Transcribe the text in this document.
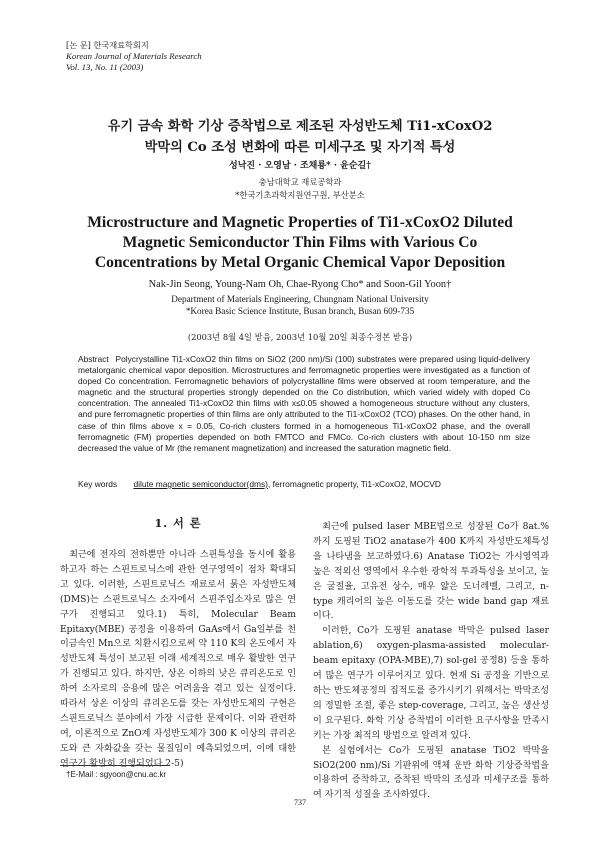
[논 문] 한국재료학회지
Korean Journal of Materials Research
Vol. 13, No. 11 (2003)
유기 금속 화학 기상 증착법으로 제조된 자성반도체 Ti1-xCoxO2
박막의 Co 조성 변화에 따른 미세구조 및 자기적 특성
성낙진 · 오영남 · 조채룡* · 윤순길†
충남대학교 재료공학과
*한국기초과학지원연구원, 부산분소
Microstructure and Magnetic Properties of Ti1-xCoxO2 Diluted
Magnetic Semiconductor Thin Films with Various Co
Concentrations by Metal Organic Chemical Vapor Deposition
Nak-Jin Seong, Young-Nam Oh, Chae-Ryong Cho* and Soon-Gil Yoon†
Department of Materials Engineering, Chungnam National University
*Korea Basic Science Institute, Busan branch, Busan 609-735
(2003년 8월 4일 받음, 2003년 10월 20일 최종수정본 받음)
Abstract Polycrystalline Ti1-xCoxO2 thin films on SiO2 (200 nm)/Si (100) substrates were prepared using liquid-delivery metalorganic chemical vapor deposition. Microstructures and ferromagnetic properties were investigated as a function of doped Co concentration. Ferromagnetic behaviors of polycrystalline films were observed at room temperature, and the magnetic and the structural properties strongly depended on the Co distribution, which varied widely with doped Co concentration. The annealed Ti1-xCoxO2 thin films with x≤0.05 showed a homogeneous structure without any clusters, and pure ferromagnetic properties of thin films are only attributed to the Ti1-xCoxO2 (TCO) phases. On the other hand, in case of thin films above x = 0.05, Co-rich clusters formed in a homogeneous Ti1-xCoxO2 phase, and the overall ferromagnetic (FM) properties depended on both FMTCO and FMCo. Co-rich clusters with about 10-150 nm size decreased the value of Mr (the remanent magnetization) and increased the saturation magnetic field.
Key words dilute magnetic semiconductor(dms), ferromagnetic property, Ti1-xCoxO2, MOCVD
1. 서 론

최근에 전자의 전하뿐만 아니라 스핀특성을 동시에 활용하고자 하는 스핀트로닉스에 관한 연구영역이 점차 확대되고 있다. 이러한, 스핀트로닉스 재료로서 묽은 자성반도체(DMS)는 스핀트로닉스 소자에서 스핀주입소자로 많은 연구가 진행되고 있다.1) 특히, Molecular Beam Epitaxy(MBE) 공정을 이용하여 GaAs에서 Ga일부를 천이금속인 Mn으로 치환시킴으로써 약 110 K의 온도에서 자성반도체 특성이 보고된 이래 세계적으로 매우 활발한 연구가 진행되고 있다. 하지만, 상온 이하의 낮은 큐리온도로 인하여 소자로의 응용에 많은 어려움을 겪고 있는 실정이다. 따라서 상온 이상의 큐리온도를 갖는 자성반도체의 구현은 스핀트로닉스 분야에서 가장 시급한 문제이다. 이와 관련하여, 이론적으로 ZnO계 자성반도체가 300 K 이상의 큐리온도와 큰 자화값을 갖는 물질임이 예측되었으며, 이에 대한 연구가 활발히 진행되었다.2-5)

최근에 pulsed laser MBE법으로 성장된 Co가 8at.%까지 도핑된 TiO2 anatase가 400 K까지 자성반도체특성을 나타냄을 보고하였다.6) Anatase TiO2는 가시영역과 높은 적외선 영역에서 우수한 광학적 투과특성을 보이고, 높은 굴절율, 고유전 상수, 매우 얇은 도너레벨, 그리고, n-type 캐리어의 높은 이동도를 갖는 wide band gap 재료이다.

이러한, Co가 도핑된 anatase 박막은 pulsed laser ablation,6) oxygen-plasma-assisted molecular-beam epitaxy (OPA-MBE),7) sol-gel 공정8) 등을 통하여 많은 연구가 이루어지고 있다. 현재 Si 공정을 기반으로 하는 반도체공정의 집적도를 증가시키기 위해서는 박막조성의 정밀한 조절, 좋은 step-coverage, 그리고, 높은 생산성이 요구된다. 화학 기상 증착법이 이러한 요구사항을 만족시키는 가장 최적의 방법으로 알려져 있다.

본 실험에서는 Co가 도핑된 anatase TiO2 박막을 SiO2(200 nm)/Si 기판위에 액체 운반 화학 기상증착법을 이용하여 증착하고, 증착된 박막의 조성과 미세구조를 통하여 자기적 성질을 조사하였다.

†E-Mail : sgyoon@cnu.ac.kr
737
